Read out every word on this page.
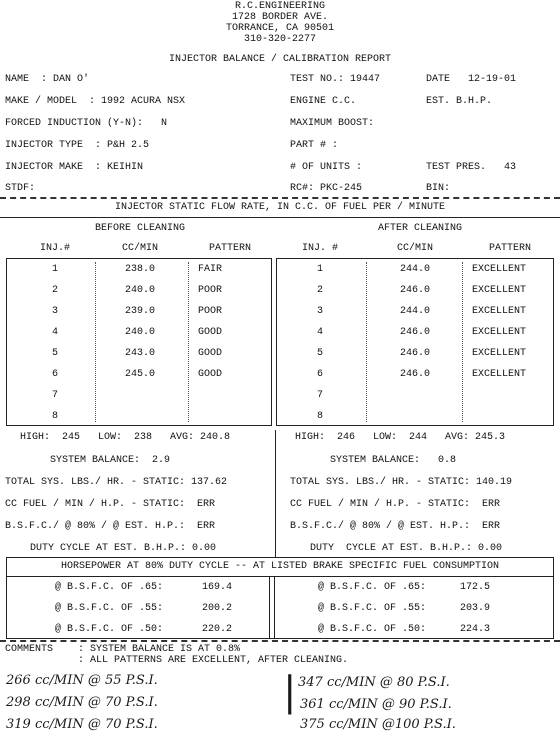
R.C.ENGINEERING
1728 BORDER AVE.
TORRANCE, CA 90501
310-320-2277
INJECTOR BALANCE / CALIBRATION REPORT
NAME  : DAN O'	TEST NO.: 19447	DATE   12-19-01
MAKE / MODEL  : 1992 ACURA NSX	ENGINE C.C.	EST. B.H.P.
FORCED INDUCTION (Y-N):   N	MAXIMUM BOOST:
INJECTOR TYPE  : P&H 2.5	PART # :
INJECTOR MAKE  : KEIHIN	# OF UNITS :	TEST PRES.   43
STDF:	RC#: PKC-245	BIN:
INJECTOR STATIC FLOW RATE, IN C.C. OF FUEL PER / MINUTE
BEFORE CLEANING	AFTER CLEANING
INJ.#	CC/MIN	PATTERN	INJ. #	CC/MIN	PATTERN
1	238.0	FAIR
2	240.0	POOR
3	239.0	POOR
4	240.0	GOOD
5	243.0	GOOD
6	245.0	GOOD
7
8
1	244.0	EXCELLENT
2	246.0	EXCELLENT
3	244.0	EXCELLENT
4	246.0	EXCELLENT
5	246.0	EXCELLENT
6	246.0	EXCELLENT
7
8
HIGH:  245   LOW:  238   AVG: 240.8	HIGH:  246   LOW:  244   AVG: 245.3
SYSTEM BALANCE:  2.9	SYSTEM BALANCE:   0.8
TOTAL SYS. LBS./ HR. - STATIC: 137.62	TOTAL SYS. LBS./ HR. - STATIC: 140.19
CC FUEL / MIN / H.P. - STATIC:  ERR	CC FUEL / MIN / H.P. - STATIC:  ERR
B.S.F.C./ @ 80% / @ EST. H.P.:  ERR	B.S.F.C./ @ 80% / @ EST. H.P.:  ERR
DUTY CYCLE AT EST. B.H.P.: 0.00	DUTY  CYCLE AT EST. B.H.P.: 0.00
HORSEPOWER AT 80% DUTY CYCLE -- AT LISTED BRAKE SPECIFIC FUEL CONSUMPTION
@ B.S.F.C. OF .65:	169.4
@ B.S.F.C. OF .55:	200.2
@ B.S.F.C. OF .50:	220.2
@ B.S.F.C. OF .65:	172.5
@ B.S.F.C. OF .55:	203.9
@ B.S.F.C. OF .50:	224.3
COMMENTS : SYSTEM BALANCE IS AT 0.8%
: ALL PATTERNS ARE EXCELLENT, AFTER CLEANING.
266 cc/MIN @ 55 P.S.I.
298 cc/MIN @ 70 P.S.I.
319 cc/MIN @ 70 P.S.I.
347 cc/MIN @ 80 P.S.I.
361 cc/MIN @ 90 P.S.I.
375 cc/MIN @100 P.S.I.
|
